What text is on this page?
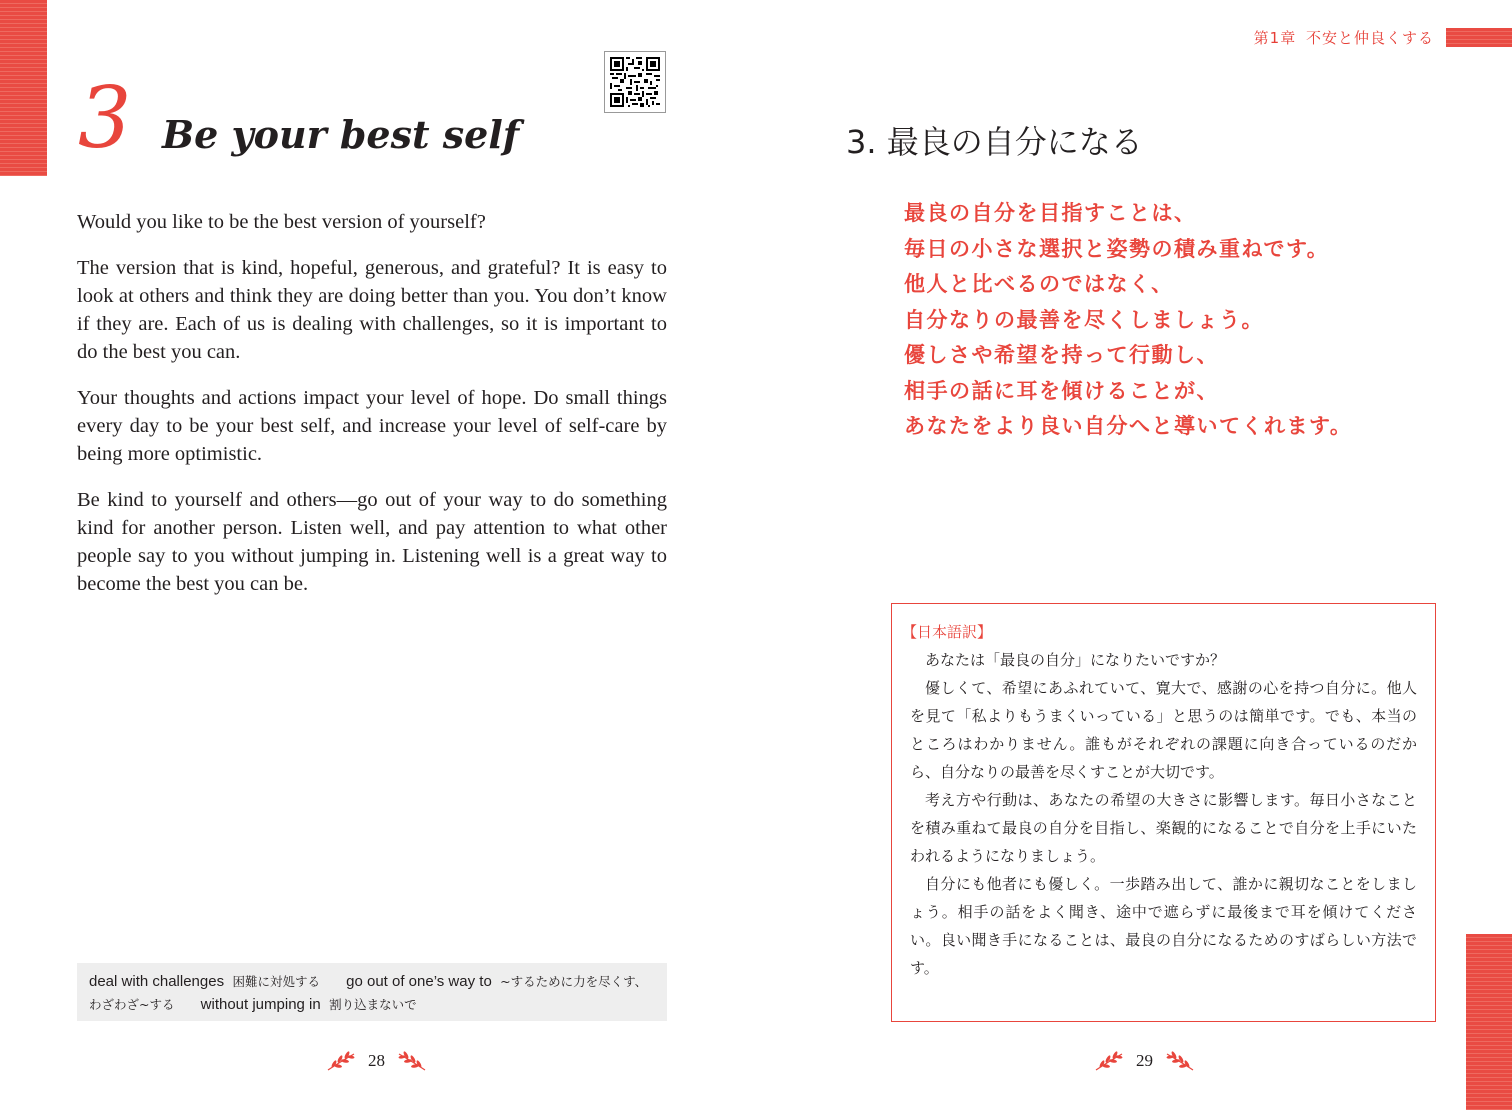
3 Be your best self

Would you like to be the best version of yourself?

The version that is kind, hopeful, generous, and grateful? It is easy to look at others and think they are doing better than you. You don’t know if they are. Each of us is dealing with challenges, so it is important to do the best you can.

Your thoughts and actions impact your level of hope. Do small things every day to be your best self, and increase your level of self-care by being more optimistic.

Be kind to yourself and others—go out of your way to do something kind for another person. Listen well, and pay attention to what other people say to you without jumping in. Listening well is a great way to become the best you can be.

deal with challenges 困難に対処する go out of one’s way to ~するために力を尽くす、わざわざ~する without jumping in 割り込まないで
28
第1章 不安と仲良くする
3. 最良の自分になる
最良の自分を目指すことは、
毎日の小さな選択と姿勢の積み重ねです。
他人と比べるのではなく、
自分なりの最善を尽くしましょう。
優しさや希望を持って行動し、
相手の話に耳を傾けることが、
あなたをより良い自分へと導いてくれます。
【日本語訳】

あなたは「最良の自分」になりたいですか？

優しくて、希望にあふれていて、寛大で、感謝の心を持つ自分に。他人を見て「私よりもうまくいっている」と思うのは簡単です。でも、本当のところはわかりません。誰もがそれぞれの課題に向き合っているのだから、自分なりの最善を尽くすことが大切です。

考え方や行動は、あなたの希望の大きさに影響します。毎日小さなことを積み重ねて最良の自分を目指し、楽観的になることで自分を上手にいたわれるようになりましょう。

自分にも他者にも優しく。一歩踏み出して、誰かに親切なことをしましょう。相手の話をよく聞き、途中で遮らずに最後まで耳を傾けてください。良い聞き手になることは、最良の自分になるためのすばらしい方法です。

29
